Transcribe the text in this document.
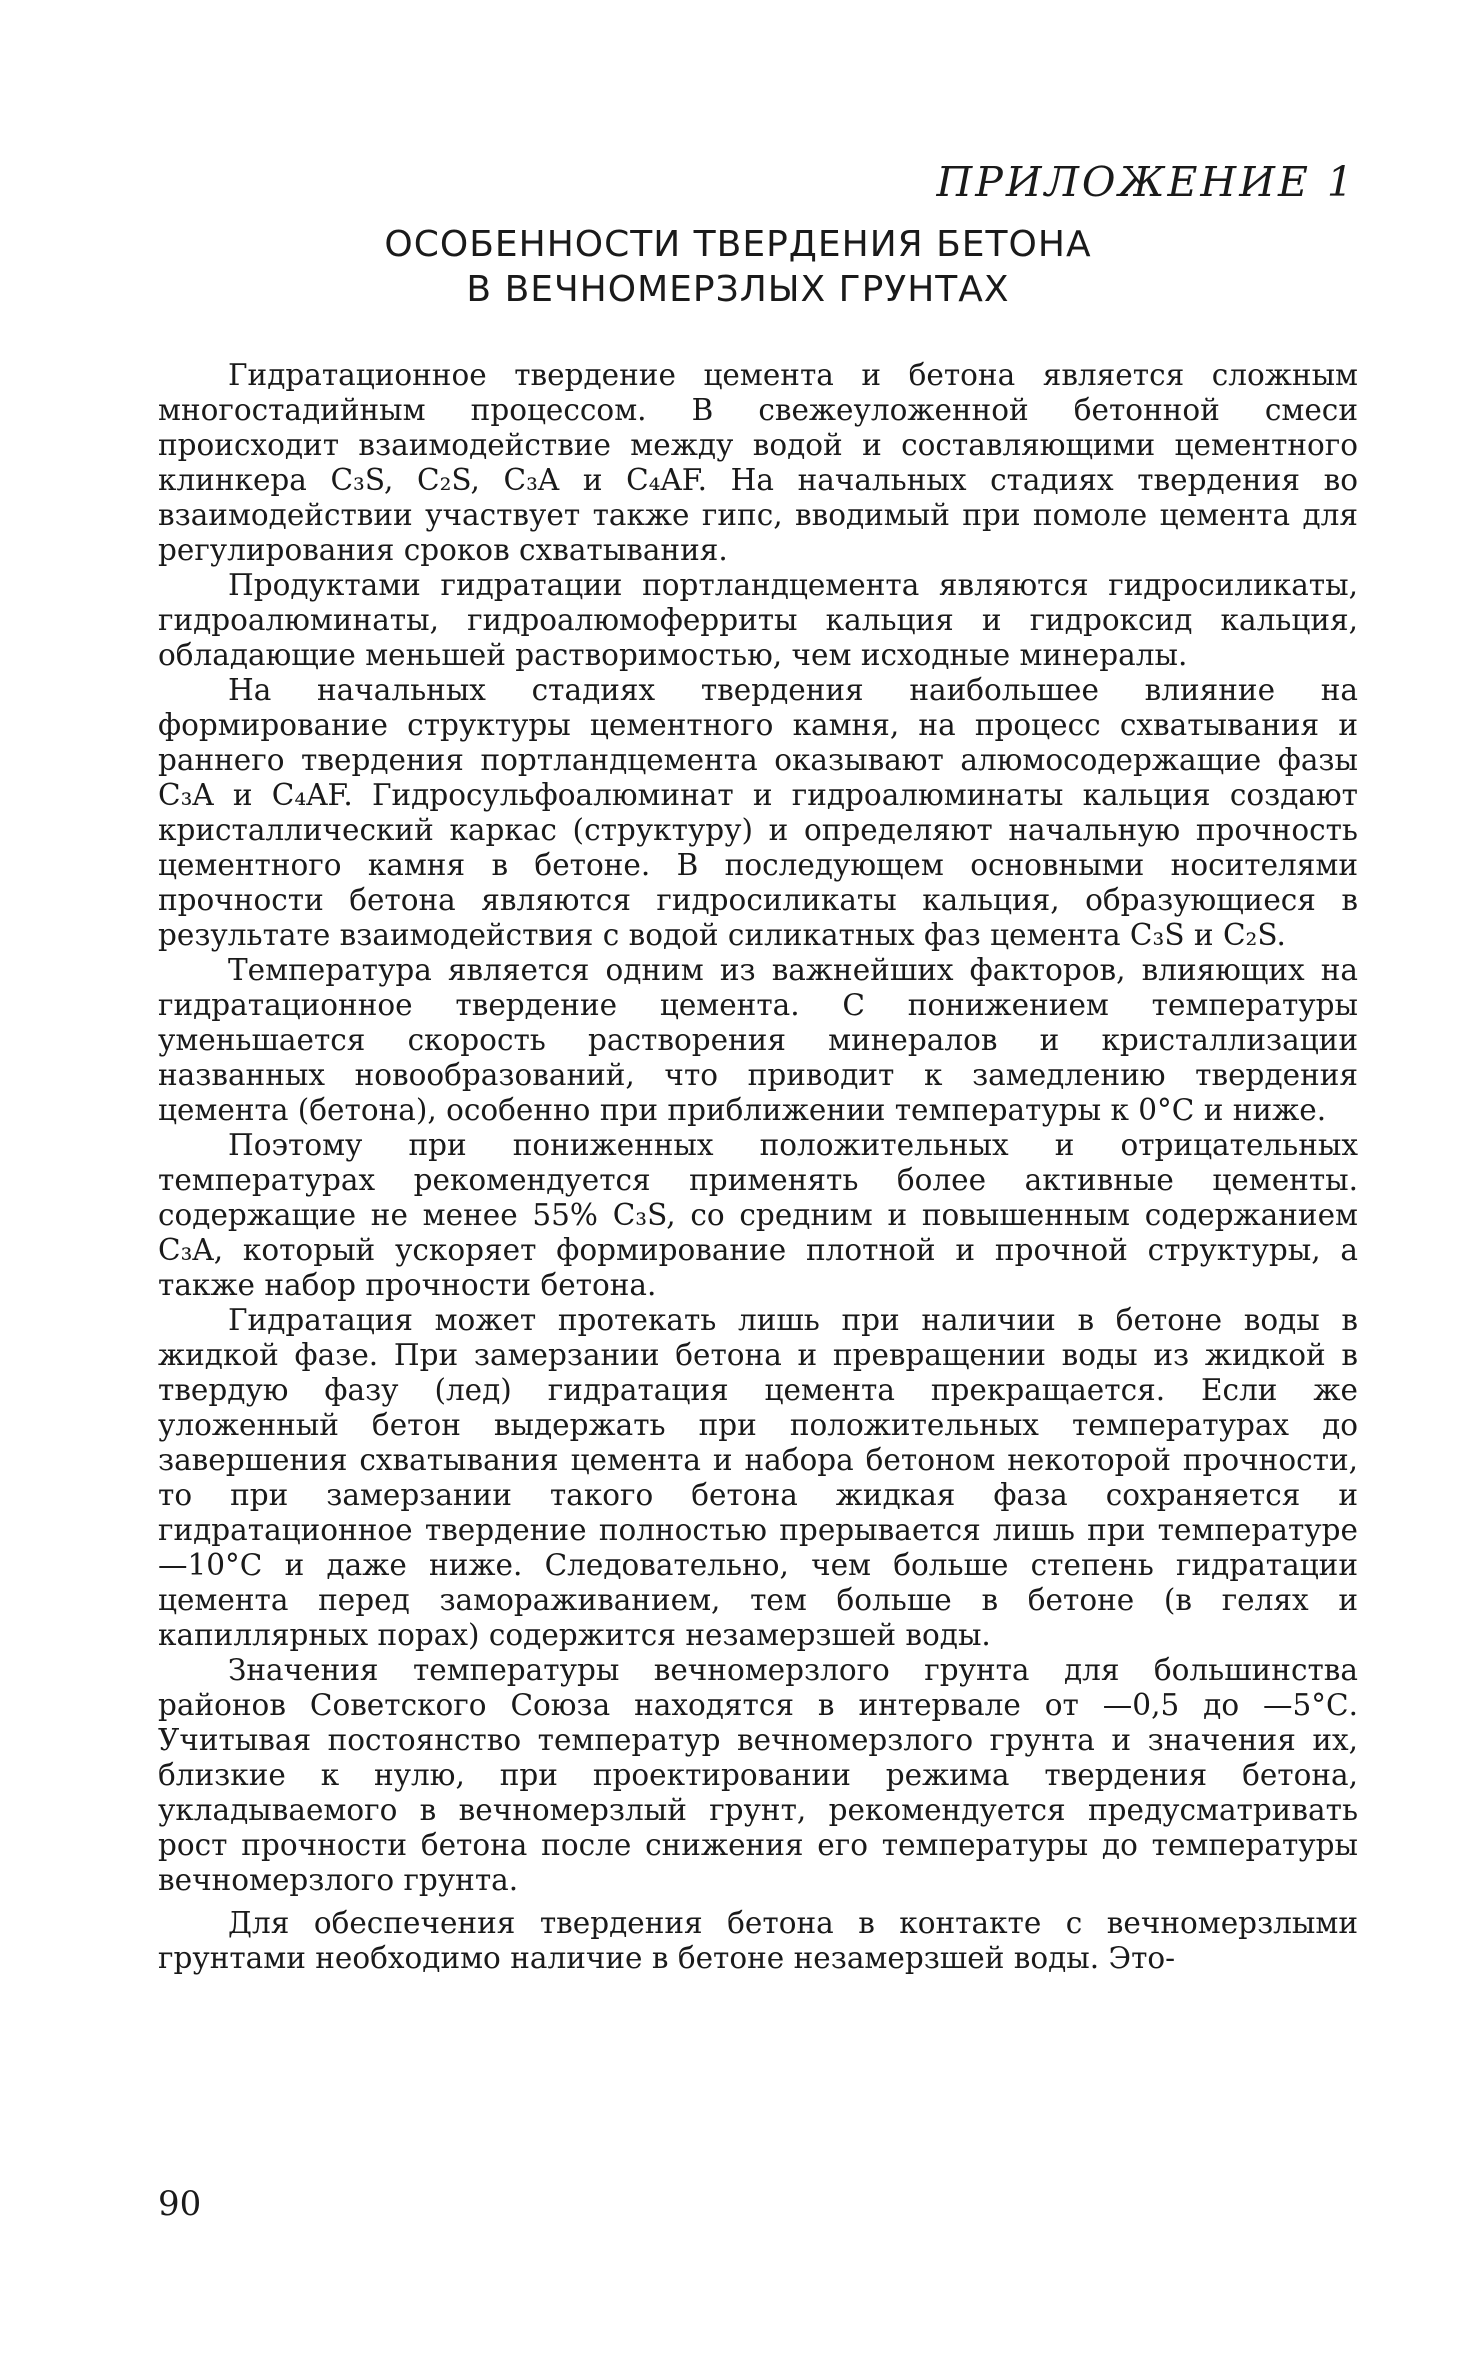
ПРИЛОЖЕНИЕ 1

ОСОБЕННОСТИ ТВЕРДЕНИЯ БЕТОНА
В ВЕЧНОМЕРЗЛЫХ ГРУНТАХ

Гидратационное твердение цемента и бетона является сложным многостадийным процессом. В свежеуложенной бетонной смеси происходит взаимодействие между водой и составляющими цементного клинкера C₃S, C₂S, C₃A и C₄AF. На начальных стадиях твердения во взаимодействии участвует также гипс, вводимый при помоле цемента для регулирования сроков схватывания.

Продуктами гидратации портландцемента являются гидросиликаты, гидроалюминаты, гидроалюмоферриты кальция и гидроксид кальция, обладающие меньшей растворимостью, чем исходные минералы.

На начальных стадиях твердения наибольшее влияние на формирование структуры цементного камня, на процесс схватывания и раннего твердения портландцемента оказывают алюмосодержащие фазы C₃A и C₄AF. Гидросульфоалюминат и гидроалюминаты кальция создают кристаллический каркас (структуру) и определяют начальную прочность цементного камня в бетоне. В последующем основными носителями прочности бетона являются гидросиликаты кальция, образующиеся в результате взаимодействия с водой силикатных фаз цемента C₃S и C₂S.

Температура является одним из важнейших факторов, влияющих на гидратационное твердение цемента. С понижением температуры уменьшается скорость растворения минералов и кристаллизации названных новообразований, что приводит к замедлению твердения цемента (бетона), особенно при приближении температуры к 0°С и ниже.

Поэтому при пониженных положительных и отрицательных температурах рекомендуется применять более активные цементы. содержащие не менее 55% C₃S, со средним и повышенным содержанием C₃A, который ускоряет формирование плотной и прочной структуры, а также набор прочности бетона.

Гидратация может протекать лишь при наличии в бетоне воды в жидкой фазе. При замерзании бетона и превращении воды из жидкой в твердую фазу (лед) гидратация цемента прекращается. Если же уложенный бетон выдержать при положительных температурах до завершения схватывания цемента и набора бетоном некоторой прочности, то при замерзании такого бетона жидкая фаза сохраняется и гидратационное твердение полностью прерывается лишь при температуре —10°С и даже ниже. Следовательно, чем больше степень гидратации цемента перед замораживанием, тем больше в бетоне (в гелях и капиллярных порах) содержится незамерзшей воды.

Значения температуры вечномерзлого грунта для большинства районов Советского Союза находятся в интервале от —0,5 до —5°С. Учитывая постоянство температур вечномерзлого грунта и значения их, близкие к нулю, при проектировании режима твердения бетона, укладываемого в вечномерзлый грунт, рекомендуется предусматривать рост прочности бетона после снижения его температуры до температуры вечномерзлого грунта.

Для обеспечения твердения бетона в контакте с вечномерзлыми грунтами необходимо наличие в бетоне незамерзшей воды. Это-

90
